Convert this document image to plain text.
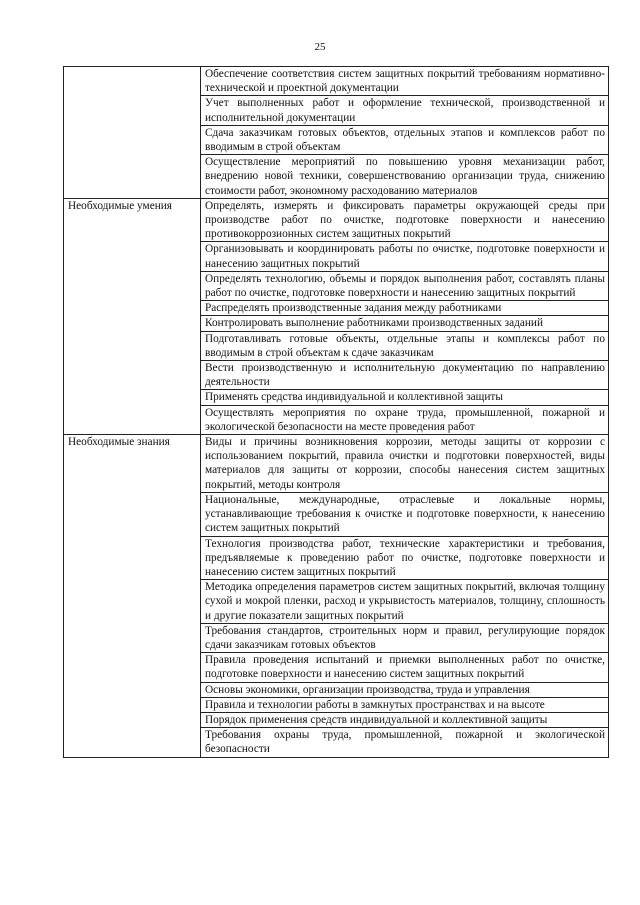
25
	Обеспечение соответствия систем защитных покрытий требованиям нормативно-технической и проектной документации
	Учет выполненных работ и оформление технической, производственной и исполнительной документации
	Сдача заказчикам готовых объектов, отдельных этапов и комплексов работ по вводимым в строй объектам
	Осуществление мероприятий по повышению уровня механизации работ, внедрению новой техники, совершенствованию организации труда, снижению стоимости работ, экономному расходованию материалов
Необходимые умения	Определять, измерять и фиксировать параметры окружающей среды при производстве работ по очистке, подготовке поверхности и нанесению противокоррозионных систем защитных покрытий
	Организовывать и координировать работы по очистке, подготовке поверхности и нанесению защитных покрытий
	Определять технологию, объемы и порядок выполнения работ, составлять планы работ по очистке, подготовке поверхности и нанесению защитных покрытий
	Распределять производственные задания между работниками
	Контролировать выполнение работниками производственных заданий
	Подготавливать готовые объекты, отдельные этапы и комплексы работ по вводимым в строй объектам к сдаче заказчикам
	Вести производственную и исполнительную документацию по направлению деятельности
	Применять средства индивидуальной и коллективной защиты
	Осуществлять мероприятия по охране труда, промышленной, пожарной и экологической безопасности на месте проведения работ
Необходимые знания	Виды и причины возникновения коррозии, методы защиты от коррозии с использованием покрытий, правила очистки и подготовки поверхностей, виды материалов для защиты от коррозии, способы нанесения систем защитных покрытий, методы контроля
	Национальные, международные, отраслевые и локальные нормы, устанавливающие требования к очистке и подготовке поверхности, к нанесению систем защитных покрытий
	Технология производства работ, технические характеристики и требования, предъявляемые к проведению работ по очистке, подготовке поверхности и нанесению систем защитных покрытий
	Методика определения параметров систем защитных покрытий, включая толщину сухой и мокрой пленки, расход и укрывистость материалов, толщину, сплошность и другие показатели защитных покрытий
	Требования стандартов, строительных норм и правил, регулирующие порядок сдачи заказчикам готовых объектов
	Правила проведения испытаний и приемки выполненных работ по очистке, подготовке поверхности и нанесению систем защитных покрытий
	Основы экономики, организации производства, труда и управления
	Правила и технологии работы в замкнутых пространствах и на высоте
	Порядок применения средств индивидуальной и коллективной защиты
	Требования охраны труда, промышленной, пожарной и экологической безопасности
